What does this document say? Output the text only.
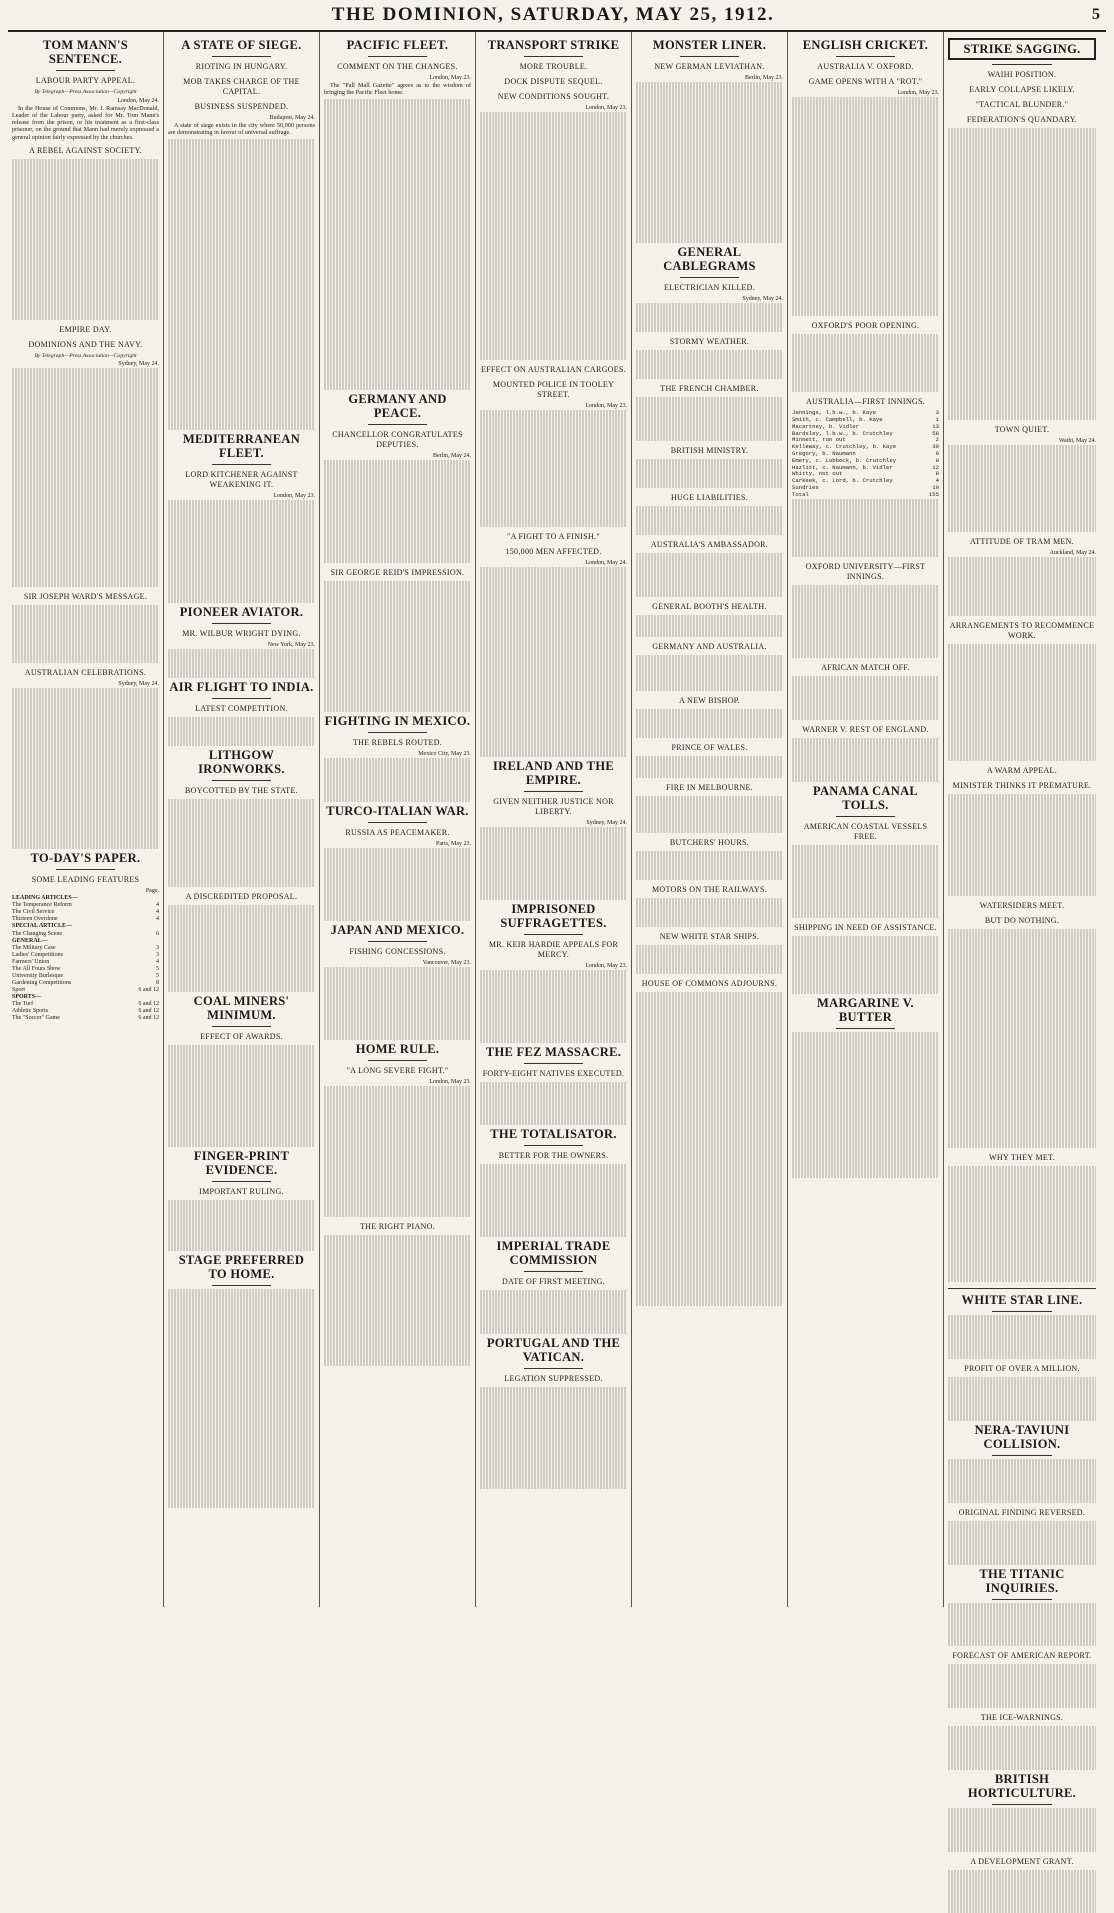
THE DOMINION, SATURDAY, MAY 25, 1912.	5
TOM MANN'S SENTENCE.
LABOUR PARTY APPEAL.
By Telegraph—Press Association—Copyright
London, May 24.

In the House of Commons, Mr. J. Ramsay MacDonald, Leader of the Labour party, asked for Mr. Tom Mann's release from the prison, or his treatment as a first-class prisoner, on the ground that Mann had merely expressed a general opinion fairly expressed by the churches.

A REBEL AGAINST SOCIETY.
EMPIRE DAY.
DOMINIONS AND THE NAVY.
By Telegraph—Press Association—Copyright
Sydney, May 24.
SIR JOSEPH WARD'S MESSAGE.
AUSTRALIAN CELEBRATIONS.
Sydney, May 24.
TO-DAY'S PAPER.
SOME LEADING FEATURES
Page.
LEADING ARTICLES—
The Temperance Reform	4
The Civil Service	4
Thirteen Overdone	4
SPECIAL ARTICLE—
The Changing Scene	6
GENERAL—
The Military Case	3
Ladies' Competitions	3
Farmers' Union	4
The All Fours Show	5
University Burlesque	5
Gardening Competitions	8
Sport	6 and 12
SPORTS—
The Turf	6 and 12
Athletic Sports	6 and 12
The "Soccer" Game	6 and 12
A STATE OF SIEGE.
RIOTING IN HUNGARY.
MOB TAKES CHARGE OF THE CAPITAL.
BUSINESS SUSPENDED.
Budapest, May 24.

A state of siege exists in the city where 50,000 persons are demonstrating in favour of universal suffrage.

MEDITERRANEAN FLEET.
LORD KITCHENER AGAINST WEAKENING IT.
London, May 23.
PIONEER AVIATOR.
MR. WILBUR WRIGHT DYING.
New York, May 23.
AIR FLIGHT TO INDIA.
LATEST COMPETITION.
LITHGOW IRONWORKS.
BOYCOTTED BY THE STATE.
A DISCREDITED PROPOSAL.
COAL MINERS' MINIMUM.
EFFECT OF AWARDS.
FINGER-PRINT EVIDENCE.
IMPORTANT RULING.
STAGE PREFERRED TO HOME.
PACIFIC FLEET.
COMMENT ON THE CHANGES.
London, May 23.

The "Pall Mall Gazette" agrees as to the wisdom of bringing the Pacific Fleet home.

GERMANY AND PEACE.
CHANCELLOR CONGRATULATES DEPUTIES.
Berlin, May 24.
SIR GEORGE REID'S IMPRESSION.
FIGHTING IN MEXICO.
THE REBELS ROUTED.
Mexico City, May 23.
TURCO-ITALIAN WAR.
RUSSIA AS PEACEMAKER.
Paris, May 23.
JAPAN AND MEXICO.
FISHING CONCESSIONS.
Vancouver, May 23.
HOME RULE.
"A LONG SEVERE FIGHT."
London, May 23.
THE RIGHT PIANO.
TRANSPORT STRIKE
MORE TROUBLE.
DOCK DISPUTE SEQUEL.
NEW CONDITIONS SOUGHT.
London, May 23.
EFFECT ON AUSTRALIAN CARGOES.
MOUNTED POLICE IN TOOLEY STREET.
London, May 23.
"A FIGHT TO A FINISH."
150,000 MEN AFFECTED.
London, May 24.
IRELAND AND THE EMPIRE.
GIVEN NEITHER JUSTICE NOR LIBERTY.
Sydney, May 24.
IMPRISONED SUFFRAGETTES.
MR. KEIR HARDIE APPEALS FOR MERCY.
London, May 23.
THE FEZ MASSACRE.
FORTY-EIGHT NATIVES EXECUTED.
THE TOTALISATOR.
BETTER FOR THE OWNERS.
IMPERIAL TRADE COMMISSION
DATE OF FIRST MEETING.
PORTUGAL AND THE VATICAN.
LEGATION SUPPRESSED.
MONSTER LINER.
NEW GERMAN LEVIATHAN.
Berlin, May 23.
GENERAL CABLEGRAMS
ELECTRICIAN KILLED.
Sydney, May 24.
STORMY WEATHER.
THE FRENCH CHAMBER.
BRITISH MINISTRY.
HUGE LIABILITIES.
AUSTRALIA'S AMBASSADOR.
GENERAL BOOTH'S HEALTH.
GERMANY AND AUSTRALIA.
A NEW BISHOP.
PRINCE OF WALES.
FIRE IN MELBOURNE.
BUTCHERS' HOURS.
MOTORS ON THE RAILWAYS.
NEW WHITE STAR SHIPS.
HOUSE OF COMMONS ADJOURNS.
ENGLISH CRICKET.
AUSTRALIA V. OXFORD.
GAME OPENS WITH A "ROT."
London, May 23.
OXFORD'S POOR OPENING.
AUSTRALIA—FIRST INNINGS.
Jennings, l.b.w., b. Kaye	3
Smith, c. Campbell, b. Kaye	1
Macartney, b. Vidler	13
Bardsley, l.b.w., b. Crutchley	58
Minnett, run out	2
Kelleway, c. Crutchley, b. Kaye	39
Gregory, b. Naumann	0
Emery, c. Lubbock, b. Crutchley	0
Hazlitt, c. Naumann, b. Vidler	12
Whitty, not out	8
Carkeek, c. Lord, b. Crutchley	4
Sundries	10
Total	155
OXFORD UNIVERSITY—FIRST INNINGS.
AFRICAN MATCH OFF.
WARNER V. REST OF ENGLAND.
PANAMA CANAL TOLLS.
AMERICAN COASTAL VESSELS FREE.
SHIPPING IN NEED OF ASSISTANCE.
MARGARINE V. BUTTER
STRIKE SAGGING.
WAIHI POSITION.
EARLY COLLAPSE LIKELY.
"TACTICAL BLUNDER."
FEDERATION'S QUANDARY.
TOWN QUIET.
Waihi, May 24.
ATTITUDE OF TRAM MEN.
Auckland, May 24.
ARRANGEMENTS TO RECOMMENCE WORK.
A WARM APPEAL.
MINISTER THINKS IT PREMATURE.
WATERSIDERS MEET.
BUT DO NOTHING.
WHY THEY MET.
WHITE STAR LINE.
PROFIT OF OVER A MILLION.
NERA-TAVIUNI COLLISION.
ORIGINAL FINDING REVERSED.
THE TITANIC INQUIRIES.
FORECAST OF AMERICAN REPORT.
THE ICE-WARNINGS.
BRITISH HORTICULTURE.
A DEVELOPMENT GRANT.
